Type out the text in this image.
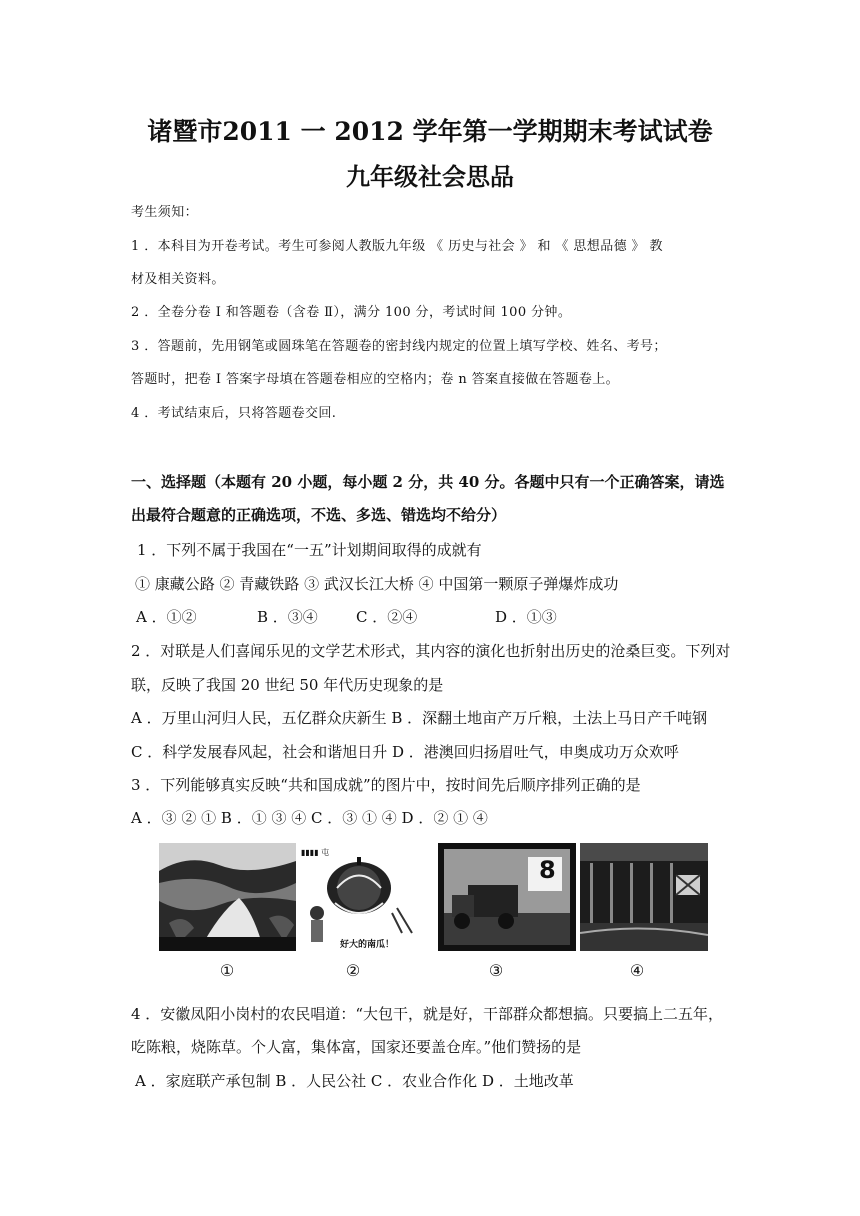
诸暨市2011 一 2012 学年第一学期期末考试试卷
九年级社会思品
考生须知：
1 ．本科目为开卷考试。考生可参阅人教版九年级 《 历史与社会 》 和 《 思想品德 》 教
材及相关资料。
2 ．全卷分卷 Ⅰ 和答题卷（含卷 Ⅱ），满分 100 分，考试时间 100 分钟。
3 ．答题前，先用钢笔或圆珠笔在答题卷的密封线内规定的位置上填写学校、姓名、考号；
答题时，把卷 Ⅰ 答案字母填在答题卷相应的空格内；卷 n 答案直接做在答题卷上。
4 ．考试结束后，只将答题卷交回.
一、选择题（本题有 20 小题，每小题 2 分，共 40 分。各题中只有一个正确答案，请选
出最符合题意的正确选项，不选、多选、错选均不给分）
1 ．下列不属于我国在“一五”计划期间取得的成就有
① 康藏公路 ② 青藏铁路 ③ 武汉长江大桥 ④ 中国第一颗原子弹爆炸成功
A ．①②	B ．③④	C ．②④	D ．①③
2 ．对联是人们喜闻乐见的文学艺术形式，其内容的演化也折射出历史的沧桑巨变。下列对
联，反映了我国 20 世纪 50 年代历史现象的是
A ．万里山河归人民，五亿群众庆新生 B ．深翻土地亩产万斤粮，土法上马日产千吨钢
C ．科学发展春风起，社会和谐旭日升 D ．港澳回归扬眉吐气，申奥成功万众欢呼
3 ．下列能够真实反映“共和国成就”的图片中，按时间先后顺序排列正确的是
A ．③ ② ① B ．① ③ ④ C ．③ ① ④ D ．② ① ④
▮▮▮▮ 屯
好大的南瓜！
8
①	②	③	④
4 ．安徽凤阳小岗村的农民唱道：“大包干，就是好，干部群众都想搞。只要搞上二五年，
吃陈粮，烧陈草。个人富，集体富，国家还要盖仓库。”他们赞扬的是
A ．家庭联产承包制 B ．人民公社 C ．农业合作化 D ．土地改革
